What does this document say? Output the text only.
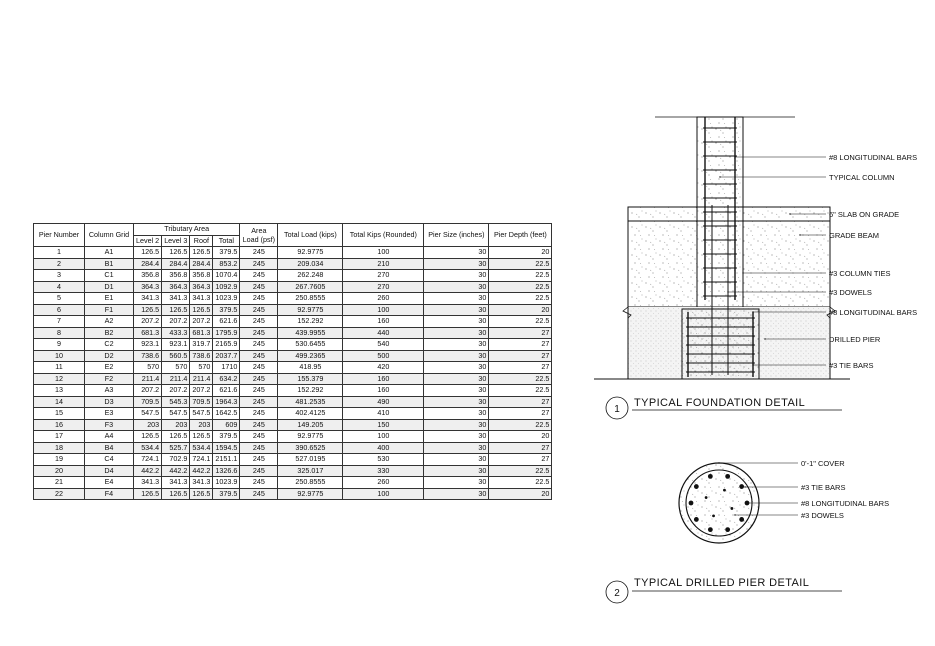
Pier Number	Column Grid	Tributary Area				Area Load (psf)	Total Load (kips)	Total Kips (Rounded)	Pier Size (inches)	Pier Depth (feet)
		Level 2	Level 3	Roof	Total					
1	A1	126.5	126.5	126.5	379.5	245	92.9775	100	30	20
2	B1	284.4	284.4	284.4	853.2	245	209.034	210	30	22.5
3	C1	356.8	356.8	356.8	1070.4	245	262.248	270	30	22.5
4	D1	364.3	364.3	364.3	1092.9	245	267.7605	270	30	22.5
5	E1	341.3	341.3	341.3	1023.9	245	250.8555	260	30	22.5
6	F1	126.5	126.5	126.5	379.5	245	92.9775	100	30	20
7	A2	207.2	207.2	207.2	621.6	245	152.292	160	30	22.5
8	B2	681.3	433.3	681.3	1795.9	245	439.9955	440	30	27
9	C2	923.1	923.1	319.7	2165.9	245	530.6455	540	30	27
10	D2	738.6	560.5	738.6	2037.7	245	499.2365	500	30	27
11	E2	570	570	570	1710	245	418.95	420	30	27
12	F2	211.4	211.4	211.4	634.2	245	155.379	160	30	22.5
13	A3	207.2	207.2	207.2	621.6	245	152.292	160	30	22.5
14	D3	709.5	545.3	709.5	1964.3	245	481.2535	490	30	27
15	E3	547.5	547.5	547.5	1642.5	245	402.4125	410	30	27
16	F3	203	203	203	609	245	149.205	150	30	22.5
17	A4	126.5	126.5	126.5	379.5	245	92.9775	100	30	20
18	B4	534.4	525.7	534.4	1594.5	245	390.6525	400	30	27
19	C4	724.1	702.9	724.1	2151.1	245	527.0195	530	30	27
20	D4	442.2	442.2	442.2	1326.6	245	325.017	330	30	22.5
21	E4	341.3	341.3	341.3	1023.9	245	250.8555	260	30	22.5
22	F4	126.5	126.5	126.5	379.5	245	92.9775	100	30	20
#8 LONGITUDINAL BARS
TYPICAL COLUMN
6" SLAB ON GRADE
GRADE BEAM
#3 COLUMN TIES
#3 DOWELS
#8 LONGITUDINAL BARS
DRILLED PIER
#3 TIE BARS
1
TYPICAL FOUNDATION DETAIL
0'-1" COVER
#3 TIE BARS
#8 LONGITUDINAL BARS
#3 DOWELS
2
TYPICAL DRILLED PIER DETAIL
